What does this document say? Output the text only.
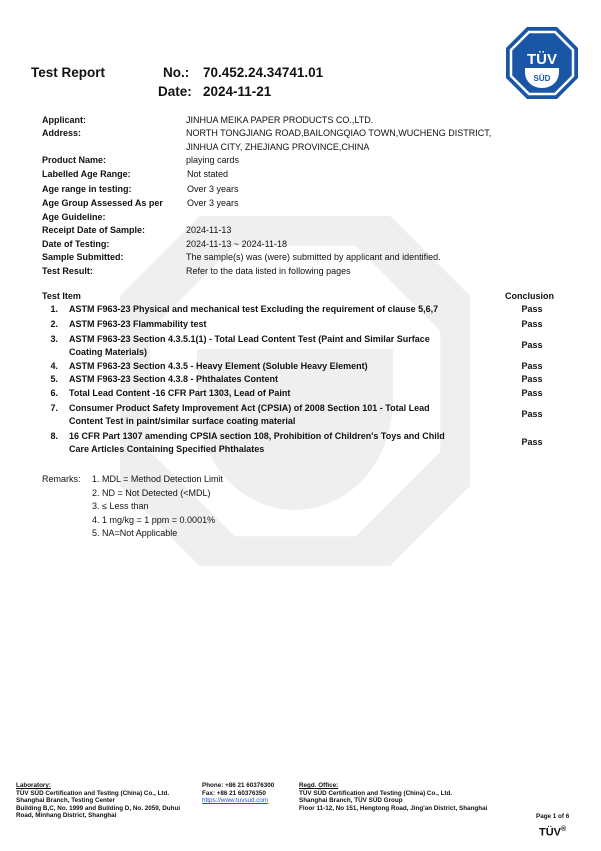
Test Report	No.: 70.452.24.34741.01
Date: 2024-11-21
TÜV
SÜD
Applicant:	JINHUA MEIKA PAPER PRODUCTS CO.,LTD.
Address:	NORTH TONGJIANG ROAD,BAILONGQIAO TOWN,WUCHENG DISTRICT,
JINHUA CITY, ZHEJIANG PROVINCE,CHINA
Product Name:	playing cards
Labelled Age Range:	Not stated
Age range in testing:	Over 3 years
Age Group Assessed As per	Over 3 years
Age Guideline:
Receipt Date of Sample:	2024-11-13
Date of Testing:	2024-11-13 ~ 2024-11-18
Sample Submitted:	The sample(s) was (were) submitted by applicant and identified.
Test Result:	Refer to the data listed in following pages
Test Item	Conclusion
1. ASTM F963-23 Physical and mechanical test Excluding the requirement of clause 5,6,7	Pass
2. ASTM F963-23 Flammability test	Pass
3. ASTM F963-23 Section 4.3.5.1(1) - Total Lead Content Test (Paint and Similar Surface
Coating Materials)
Pass
4. ASTM F963-23 Section 4.3.5 - Heavy Element (Soluble Heavy Element)	Pass
5. ASTM F963-23 Section 4.3.8 - Phthalates Content	Pass
6. Total Lead Content -16 CFR Part 1303, Lead of Paint	Pass
7. Consumer Product Safety Improvement Act (CPSIA) of 2008 Section 101 - Total Lead
Content Test in paint/similar surface coating material
Pass
8. 16 CFR Part 1307 amending CPSIA section 108, Prohibition of Children's Toys and Child
Care Articles Containing Specified Phthalates
Pass
Remarks: 1. MDL = Method Detection Limit
2. ND = Not Detected (<MDL)
3. ≤ Less than
4. 1 mg/kg = 1 ppm = 0.0001%
5. NA=Not Applicable
Laboratory:
TÜV SÜD Certification and Testing (China) Co., Ltd.
Shanghai Branch, Testing Center
Building B,C, No. 1999 and Building D, No. 2059, Duhui
Road, Minhang District, Shanghai
Phone: +86 21 60376300
Fax: +86 21 60376350
https://www.tuvsud.com
Regd. Office:
TÜV SÜD Certification and Testing (China) Co., Ltd.
Shanghai Branch, TÜV SÜD Group
Floor 11-12, No 151, Hengtong Road, Jing'an District, Shanghai
Page 1 of 6
TÜV®
